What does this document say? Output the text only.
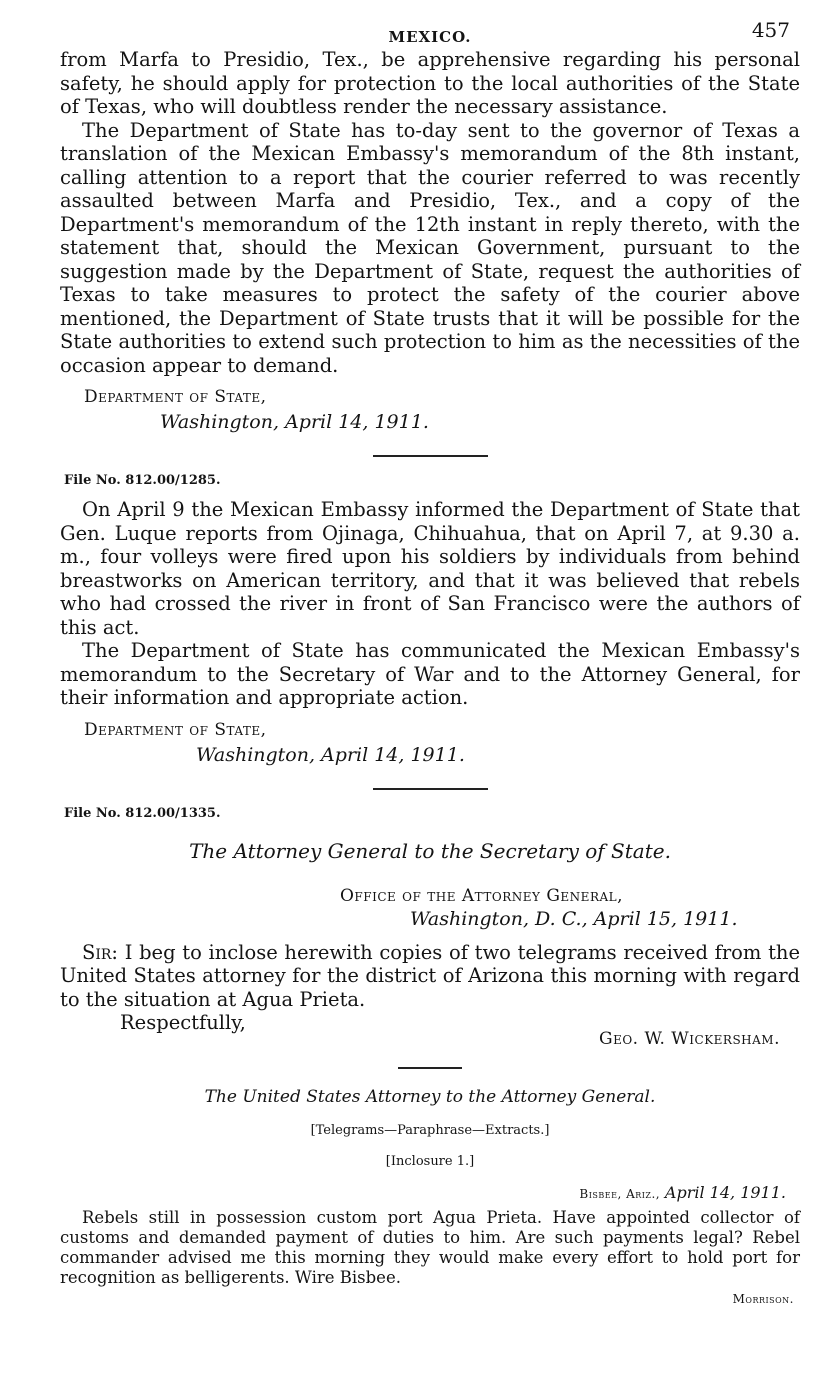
MEXICO.	457

from Marfa to Presidio, Tex., be apprehensive regarding his personal safety, he should apply for protection to the local authorities of the State of Texas, who will doubtless render the necessary assistance.

The Department of State has to-day sent to the governor of Texas a translation of the Mexican Embassy's memorandum of the 8th instant, calling attention to a report that the courier referred to was recently assaulted between Marfa and Presidio, Tex., and a copy of the Department's memorandum of the 12th instant in reply thereto, with the statement that, should the Mexican Government, pursuant to the suggestion made by the Department of State, request the authorities of Texas to take measures to protect the safety of the courier above mentioned, the Department of State trusts that it will be possible for the State authorities to extend such protection to him as the necessities of the occasion appear to demand.

Department of State,
Washington, April 14, 1911.
File No. 812.00/1285.

On April 9 the Mexican Embassy informed the Department of State that Gen. Luque reports from Ojinaga, Chihuahua, that on April 7, at 9.30 a. m., four volleys were fired upon his soldiers by individuals from behind breastworks on American territory, and that it was believed that rebels who had crossed the river in front of San Francisco were the authors of this act.

The Department of State has communicated the Mexican Embassy's memorandum to the Secretary of War and to the Attorney General, for their information and appropriate action.

Department of State,
Washington, April 14, 1911.
File No. 812.00/1335.
The Attorney General to the Secretary of State.
Office of the Attorney General,
Washington, D. C., April 15, 1911.

Sir: I beg to inclose herewith copies of two telegrams received from the United States attorney for the district of Arizona this morning with regard to the situation at Agua Prieta.

Respectfully,
Geo. W. Wickersham.
The United States Attorney to the Attorney General.
[Telegrams—Paraphrase—Extracts.]
[Inclosure 1.]
Bisbee, Ariz., April 14, 1911.

Rebels still in possession custom port Agua Prieta. Have appointed collector of customs and demanded payment of duties to him. Are such payments legal? Rebel commander advised me this morning they would make every effort to hold port for recognition as belligerents. Wire Bisbee.

Morrison.
